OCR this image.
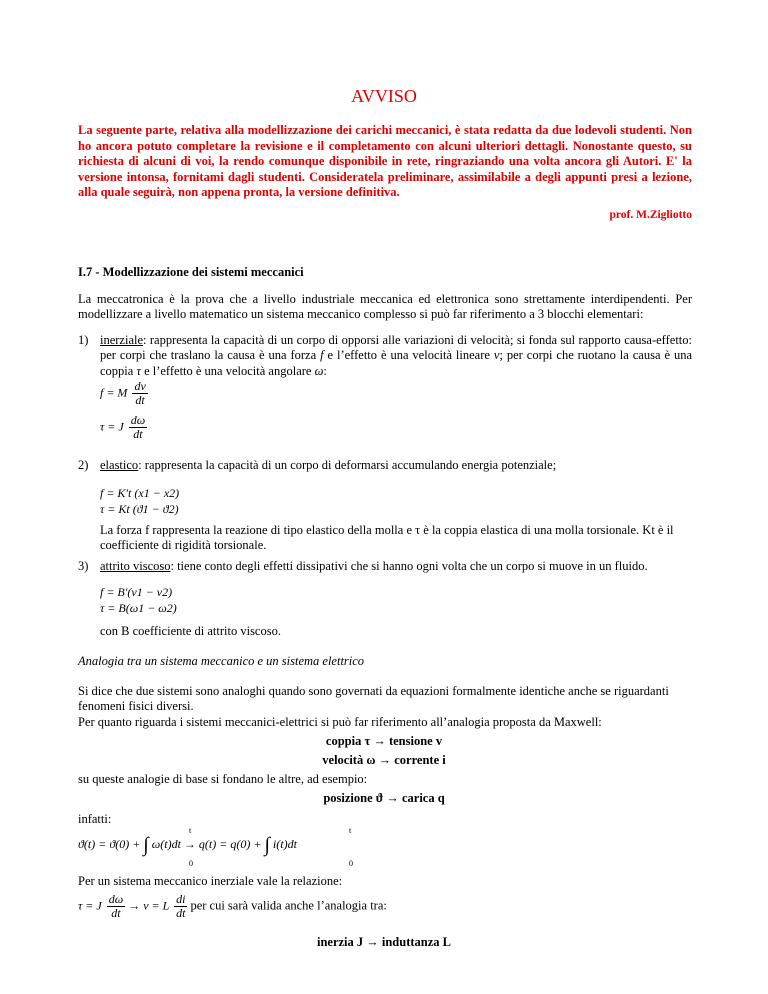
AVVISO
La seguente parte, relativa alla modellizzazione dei carichi meccanici, è stata redatta da due lodevoli studenti. Non ho ancora potuto completare la revisione e il completamento con alcuni ulteriori dettagli. Nonostante questo, su richiesta di alcuni di voi, la rendo comunque disponibile in rete, ringraziando una volta ancora gli Autori. E' la versione intonsa, fornitami dagli studenti. Consideratela preliminare, assimilabile a degli appunti presi a lezione, alla quale seguirà, non appena pronta, la versione definitiva.
prof. M.Zigliotto
I.7 - Modellizzazione dei sistemi meccanici
La meccatronica è la prova che a livello industriale meccanica ed elettronica sono strettamente interdipendenti. Per modellizzare a livello matematico un sistema meccanico complesso si può far riferimento a 3 blocchi elementari:
1) inerziale: rappresenta la capacità di un corpo di opporsi alle variazioni di velocità; si fonda sul rapporto causa-effetto: per corpi che traslano la causa è una forza f e l’effetto è una velocità lineare v; per corpi che ruotano la causa è una coppia τ e l’effetto è una velocità angolare ω:
f = M $\frac{dv}{dt}$
τ = J $\frac{d\omega}{dt}$
2) elastico: rappresenta la capacità di un corpo di deformarsi accumulando energia potenziale;
f = K′t (x1 − x2)
τ = Kt (ϑ1 − ϑ2)
La forza f rappresenta la reazione di tipo elastico della molla e τ è la coppia elastica di una molla torsionale. Kt è il coefficiente di rigidità torsionale.
3) attrito viscoso: tiene conto degli effetti dissipativi che si hanno ogni volta che un corpo si muove in un fluido.
f = B′(v1 − v2)
τ = B(ω1 − ω2)
con B coefficiente di attrito viscoso.
Analogia tra un sistema meccanico e un sistema elettrico
Si dice che due sistemi sono analoghi quando sono governati da equazioni formalmente identiche anche se riguardanti fenomeni fisici diversi.
Per quanto riguarda i sistemi meccanici-elettrici si può far riferimento all’analogia proposta da Maxwell:
coppia τ → tensione v
velocità ω → corrente i
su queste analogie di base si fondano le altre, ad esempio:
posizione ϑ → carica q
infatti:
ϑ(t) = ϑ(0) + ∫
t
0
ω(t)dt → q(t) = q(0) + ∫
t
0
i(t)dt
Per un sistema meccanico inerziale vale la relazione:
τ = J $\frac{d\omega}{dt} \to v = L \frac{di}{dt}$ per cui sarà valida anche l’analogia tra:
inerzia J → induttanza L
